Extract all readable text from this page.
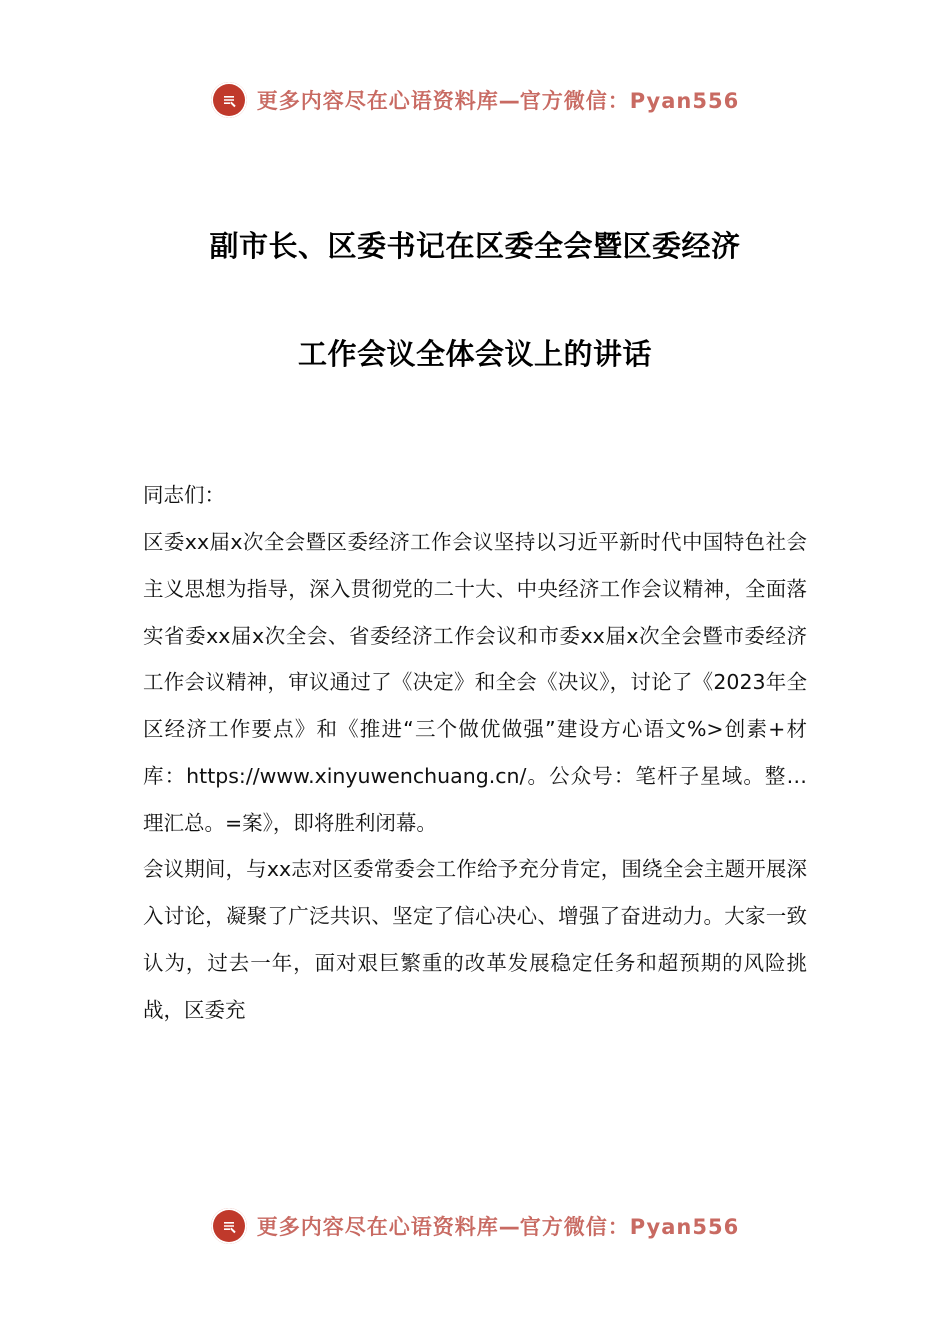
更多内容尽在心语资料库—官方微信：Pyan556
副市长、区委书记在区委全会暨区委经济
工作会议全体会议上的讲话

同志们：

区委xx届x次全会暨区委经济工作会议坚持以习近平新时代中国特色社会主义思想为指导，深入贯彻党的二十大、中央经济工作会议精神，全面落实省委xx届x次全会、省委经济工作会议和市委xx届x次全会暨市委经济工作会议精神，审议通过了《决定》和全会《决议》，讨论了《2023年全区经济工作要点》和《推进“三个做优做强”建设方心语文%>创素+材库：https://www.xinyuwenchuang.cn/。公众号：笔杆子星域。整…理汇总。=案》，即将胜利闭幕。

会议期间，与xx志对区委常委会工作给予充分肯定，围绕全会主题开展深入讨论，凝聚了广泛共识、坚定了信心决心、增强了奋进动力。大家一致认为，过去一年，面对艰巨繁重的改革发展稳定任务和超预期的风险挑战，区委充

更多内容尽在心语资料库—官方微信：Pyan556
